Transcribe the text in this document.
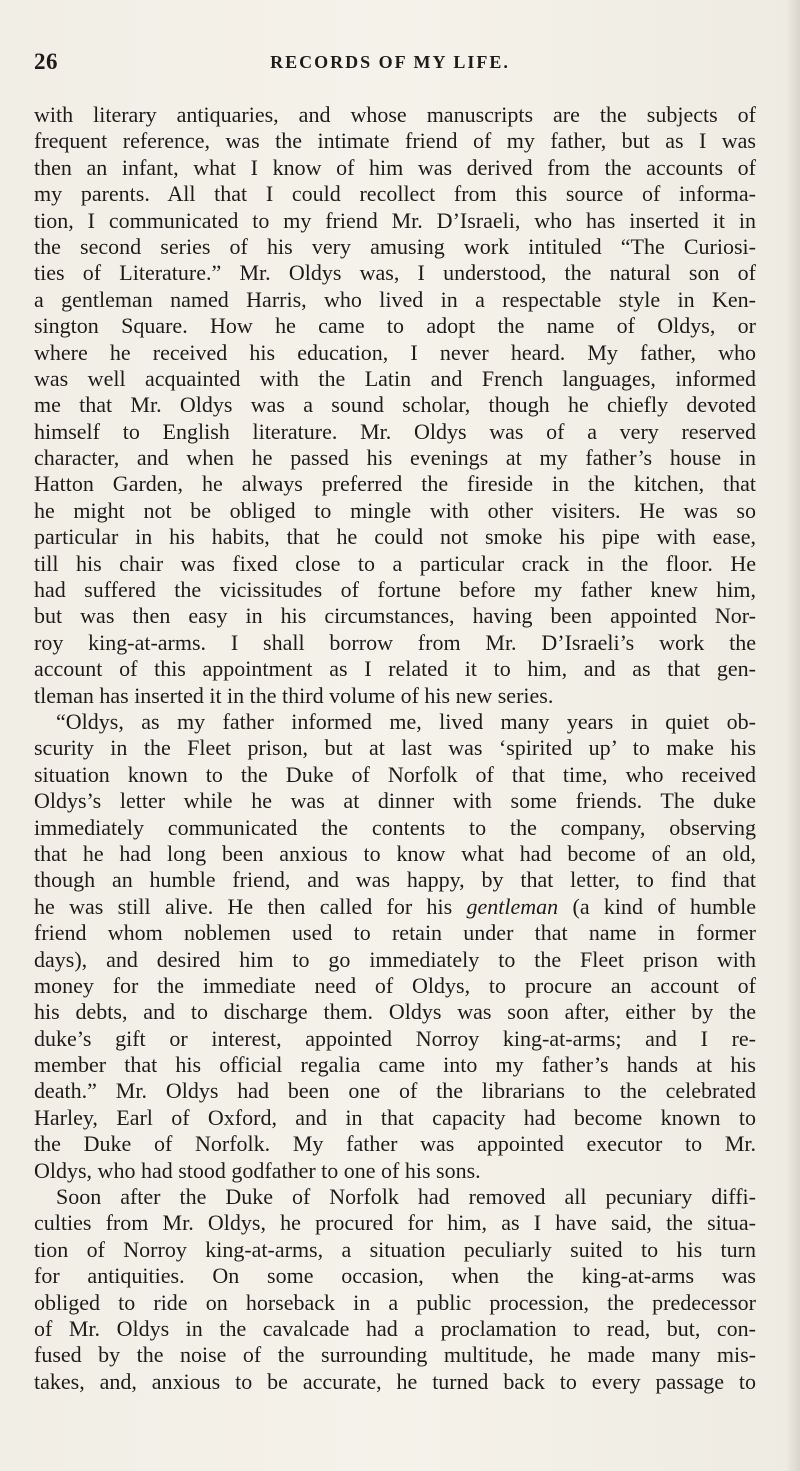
26	RECORDS OF MY LIFE.
with literary antiquaries, and whose manuscripts are the subjects of
frequent reference, was the intimate friend of my father, but as I was
then an infant, what I know of him was derived from the accounts of
my parents. All that I could recollect from this source of informa-
tion, I communicated to my friend Mr. D’Israeli, who has inserted it in
the second series of his very amusing work intituled “The Curiosi-
ties of Literature.” Mr. Oldys was, I understood, the natural son of
a gentleman named Harris, who lived in a respectable style in Ken-
sington Square. How he came to adopt the name of Oldys, or
where he received his education, I never heard. My father, who
was well acquainted with the Latin and French languages, informed
me that Mr. Oldys was a sound scholar, though he chiefly devoted
himself to English literature. Mr. Oldys was of a very reserved
character, and when he passed his evenings at my father’s house in
Hatton Garden, he always preferred the fireside in the kitchen, that
he might not be obliged to mingle with other visiters. He was so
particular in his habits, that he could not smoke his pipe with ease,
till his chair was fixed close to a particular crack in the floor. He
had suffered the vicissitudes of fortune before my father knew him,
but was then easy in his circumstances, having been appointed Nor-
roy king-at-arms. I shall borrow from Mr. D’Israeli’s work the
account of this appointment as I related it to him, and as that gen-
tleman has inserted it in the third volume of his new series.
“Oldys, as my father informed me, lived many years in quiet ob-
scurity in the Fleet prison, but at last was ‘spirited up’ to make his
situation known to the Duke of Norfolk of that time, who received
Oldys’s letter while he was at dinner with some friends. The duke
immediately communicated the contents to the company, observing
that he had long been anxious to know what had become of an old,
though an humble friend, and was happy, by that letter, to find that
he was still alive. He then called for his gentleman (a kind of humble
friend whom noblemen used to retain under that name in former
days), and desired him to go immediately to the Fleet prison with
money for the immediate need of Oldys, to procure an account of
his debts, and to discharge them. Oldys was soon after, either by the
duke’s gift or interest, appointed Norroy king-at-arms; and I re-
member that his official regalia came into my father’s hands at his
death.” Mr. Oldys had been one of the librarians to the celebrated
Harley, Earl of Oxford, and in that capacity had become known to
the Duke of Norfolk. My father was appointed executor to Mr.
Oldys, who had stood godfather to one of his sons.
Soon after the Duke of Norfolk had removed all pecuniary diffi-
culties from Mr. Oldys, he procured for him, as I have said, the situa-
tion of Norroy king-at-arms, a situation peculiarly suited to his turn
for antiquities. On some occasion, when the king-at-arms was
obliged to ride on horseback in a public procession, the predecessor
of Mr. Oldys in the cavalcade had a proclamation to read, but, con-
fused by the noise of the surrounding multitude, he made many mis-
takes, and, anxious to be accurate, he turned back to every passage to
